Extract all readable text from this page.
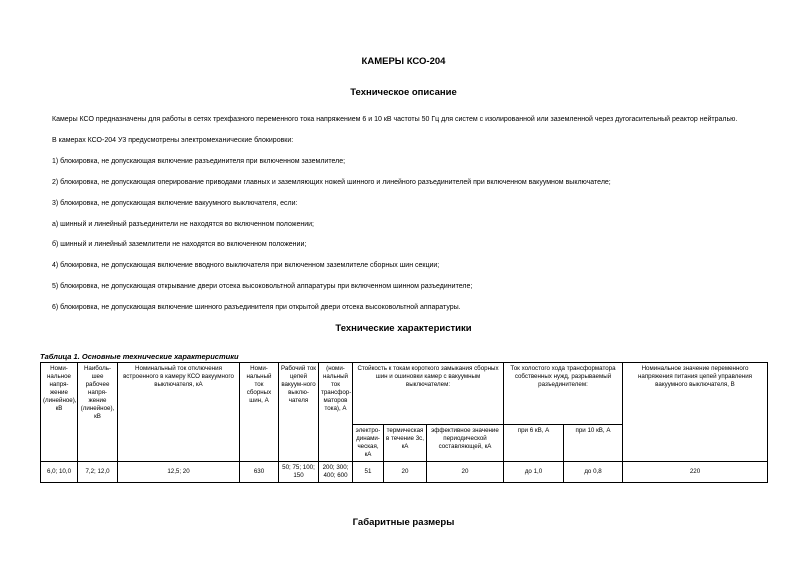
КАМЕРЫ КСО-204
Техническое описание
Камеры КСО предназначены для работы в сетях трехфазного переменного тока напряжением 6 и 10 кВ частоты 50 Гц для систем с изолированной или заземленной через дугогасительный реактор нейтралью.
В камерах КСО-204 У3 предусмотрены электромеханические блокировки:
1) блокировка, не допускающая включение разъединителя при включенном заземлителе;
2) блокировка, не допускающая оперирование приводами главных и заземляющих ножей шинного и линейного разъединителей при включенном вакуумном выключателе;
3) блокировка, не допускающая включение вакуумного выключателя, если:
а) шинный и линейный разъединители не находятся во включенном положении;
б) шинный и линейный заземлители не находятся во включенном положении;
4) блокировка, не допускающая включение вводного выключателя при включенном заземлителе сборных шин секции;
5) блокировка, не допускающая открывание двери отсека высоковольтной аппаратуры при включенном шинном разъединителе;
6) блокировка, не допускающая включение шинного разъединителя при открытой двери отсека высоковольтной аппаратуры.
Технические характеристики
Таблица 1. Основные технические характеристики
Номи-нальное напря-жение (линейное), кВ	Наиболь-шее рабочее напря-жение (линейное), кВ	Номинальный ток отключения встроенного в камеру КСО вакуумного выключателя, кА	Номи-нальный ток сборных шин, А	Рабочий ток цепей вакуум-ного выклю-чателя	(номи-нальный ток трансфор-маторов тока), А	Стойкость к токам короткого замыкания сборных шин и ошиновки камер с вакуумным выключателем:			Ток холостого хода трансформатора собственных нужд, разрываемый разъединителем:		Номинальное значение переменного напряжения питания цепей управления вакуумного выключателя, В
						электро-динами-ческая, кА	термическая в течение 3с, кА	эффективное значение периодической составляющей, кА	при 6 кВ, А	при 10 кВ, А	
6,0; 10,0	7,2; 12,0	12,5; 20	630	50; 75; 100; 150	200; 300; 400; 600	51	20	20	до 1,0	до 0,8	220
Габаритные размеры
